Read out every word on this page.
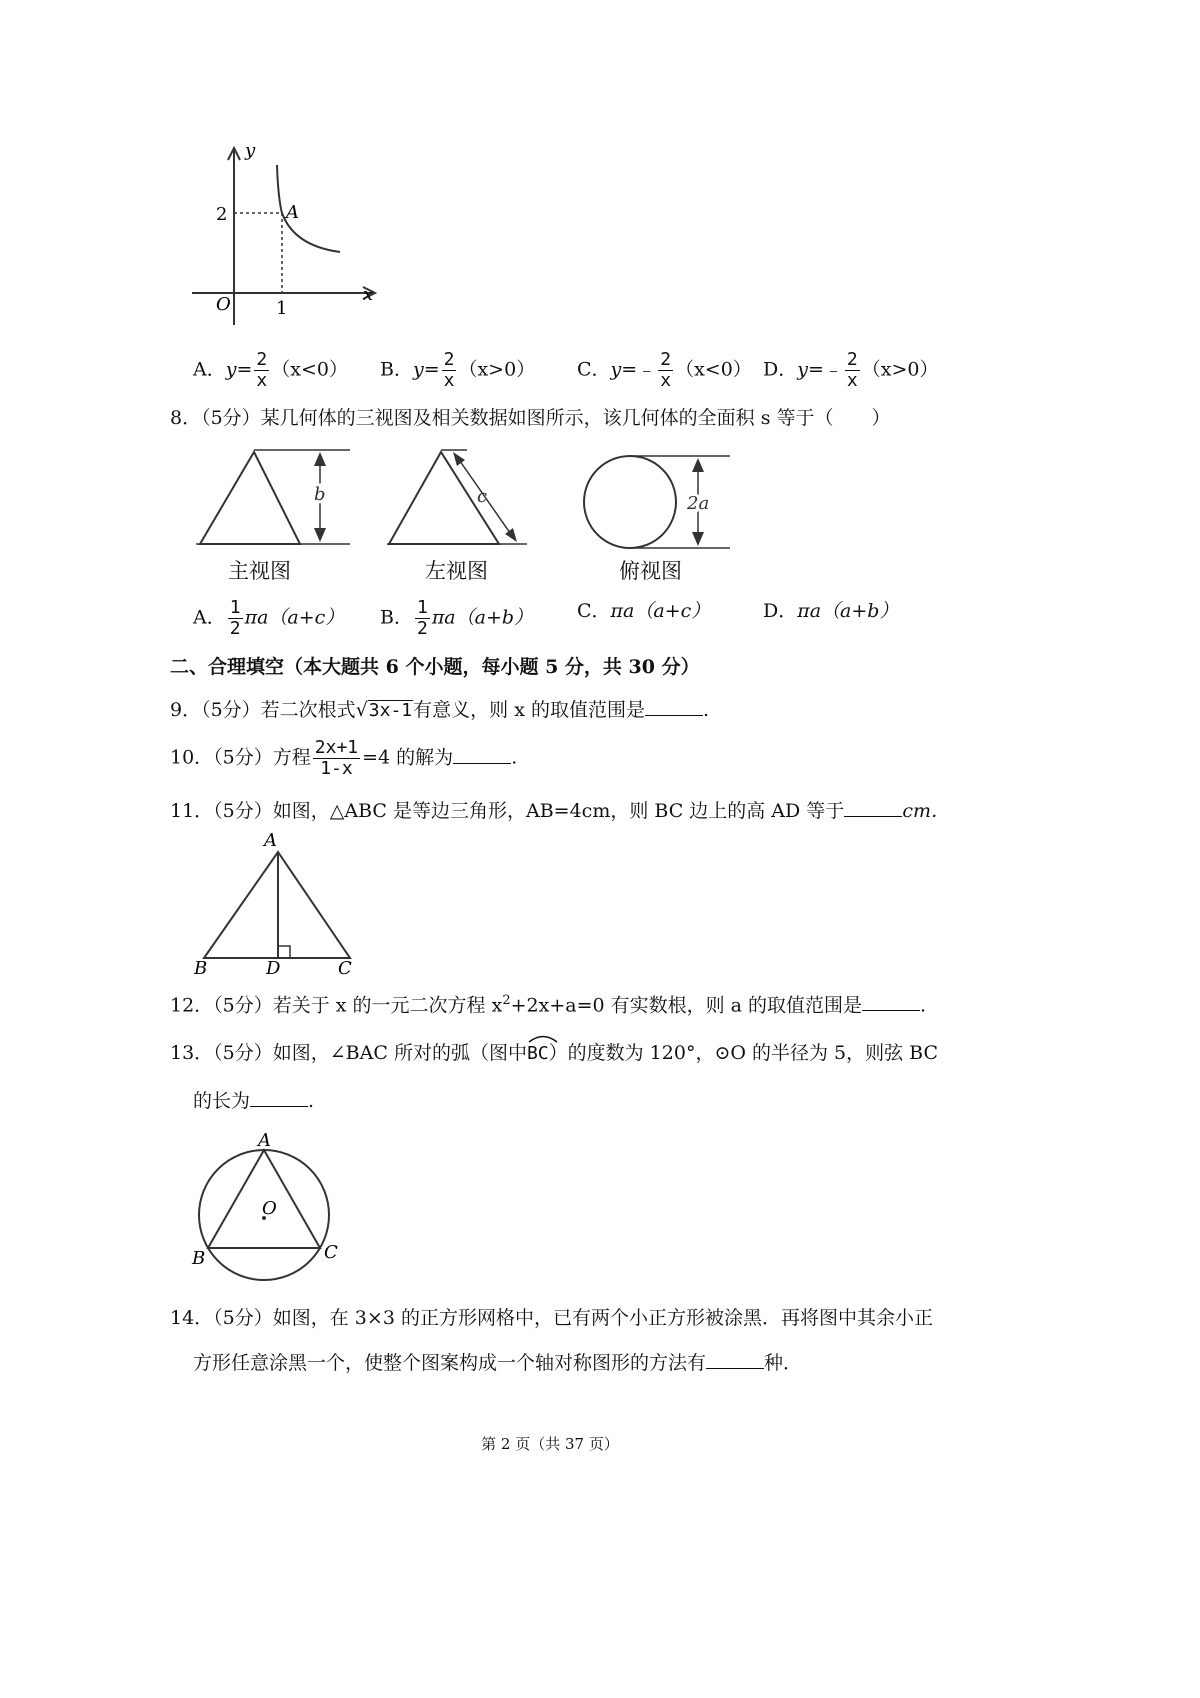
y
x
O
2
1
A
A．$y= \frac{2}{x} (x<0)$ B．$y= \frac{2}{x} (x>0)$ C．y=﹣ $\frac{2}{x} (x<0)$ D．y=﹣ $\frac{2}{x} (x>0)$
8．（5分）某几何体的三视图及相关数据如图所示，该几何体的全面积 s 等于（　　）
b
主视图
c
左视图
2a
俯视图
A． $\frac{1}{2} \pi a(a+c)$ B． $\frac{1}{2} \pi a(a+b)$ C．πa（a+c）	D．πa（a+b）
二、合理填空（本大题共 6 个小题，每小题 5 分，共 30 分）
9．（5分）若二次根式√3x-1有意义，则 x 的取值范围是	.
10．（5分）方程 $\frac{2x+1}{1-x} =4$ 的解为	.
11．（5分）如图，△ABC 是等边三角形，AB=4cm，则 BC 边上的高 AD 等于	cm．
A
B	D	C
12．（5分）若关于 x 的一元二次方程 $x^2+2x+a=0$ 有实数根，则 a 的取值范围是	.
13．（5分）如图，∠BAC 所对的弧（图中
BC）的度数为 120°，⊙O 的半径为 5，则弦 BC
的长为	.
A
B	C
O
14．（5分）如图，在 3×3 的正方形网格中，已有两个小正方形被涂黑．再将图中其余小正
方形任意涂黑一个，使整个图案构成一个轴对称图形的方法有	种．
第 2 页（共 37 页）
